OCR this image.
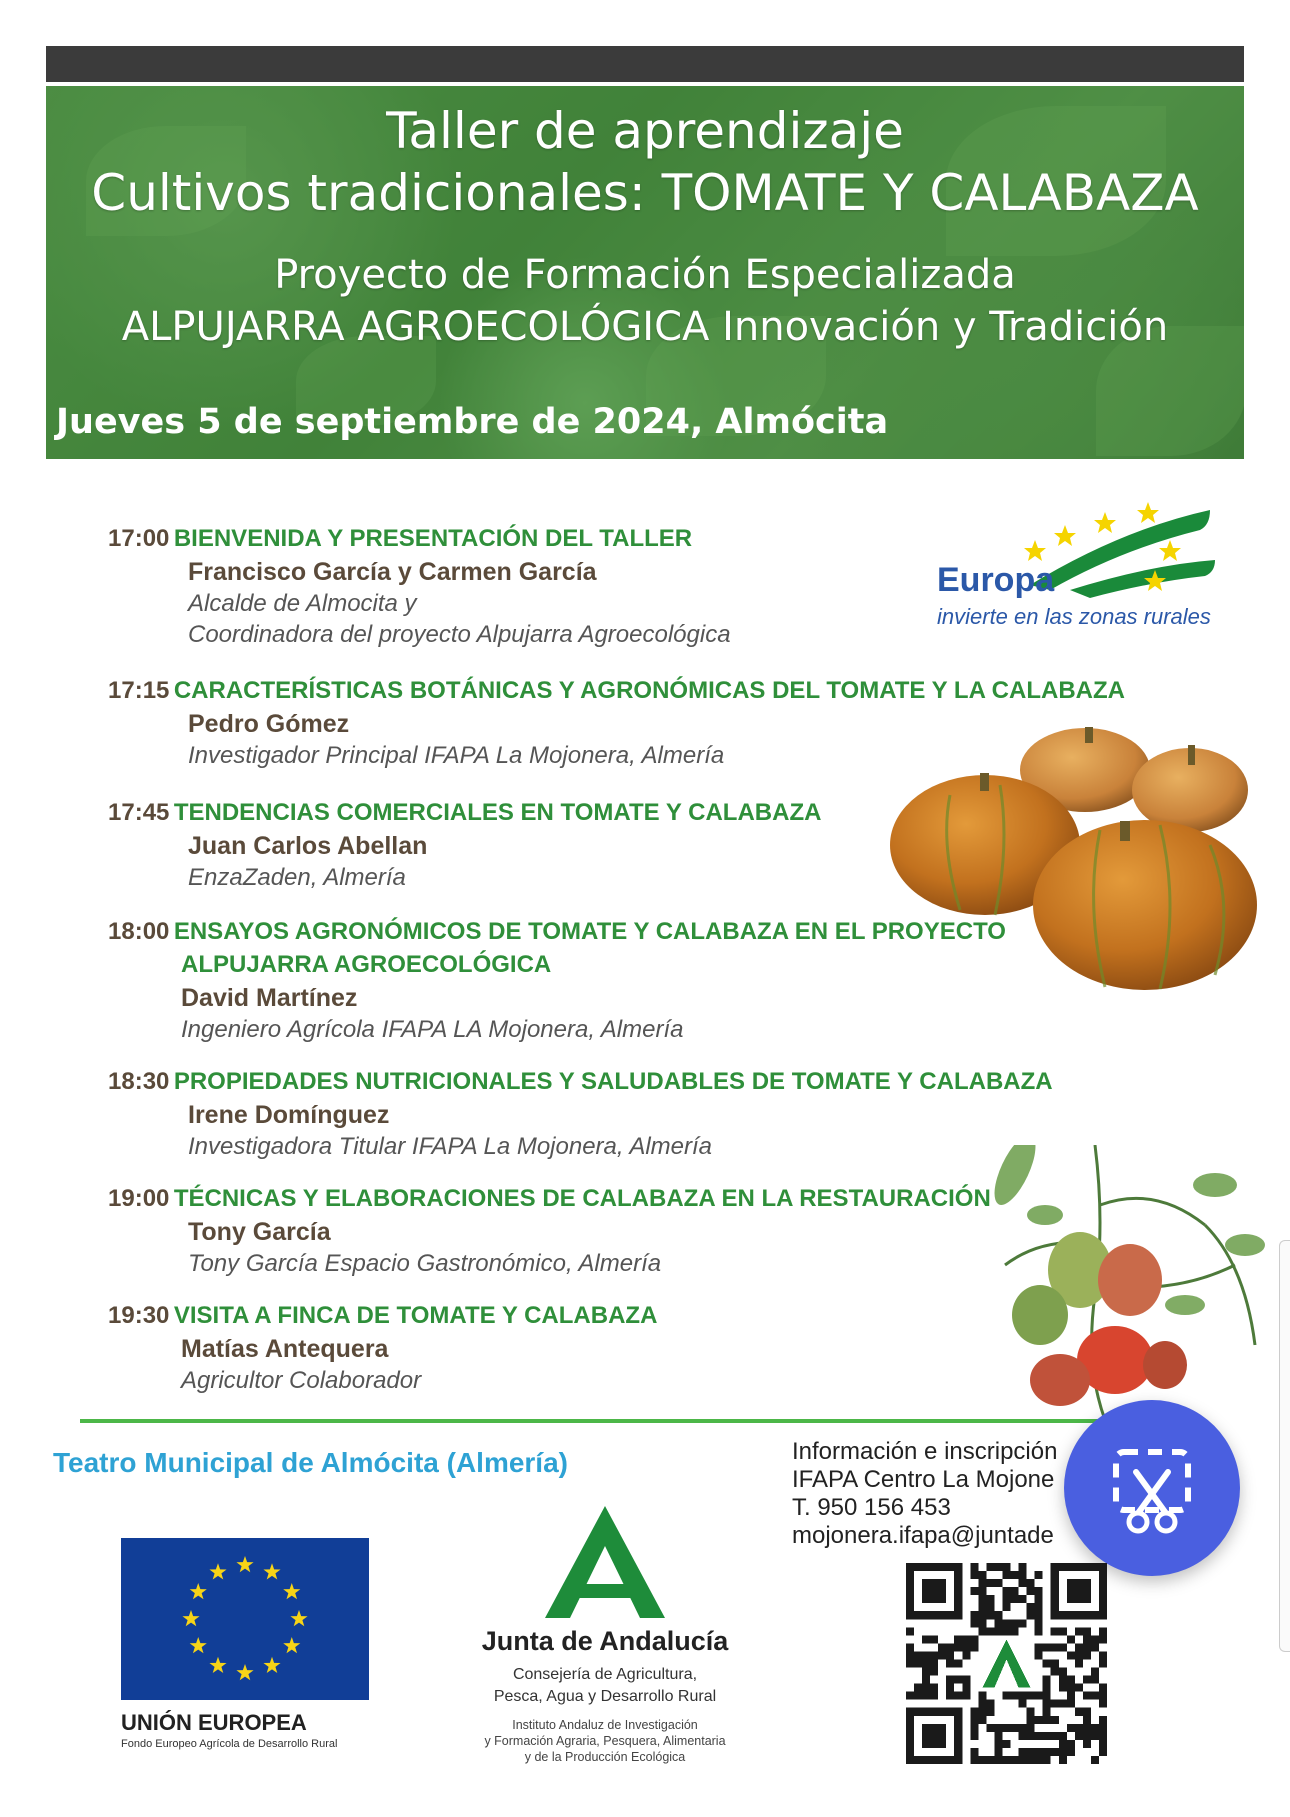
Taller de aprendizaje
Cultivos tradicionales: TOMATE Y CALABAZA
Proyecto de Formación Especializada
ALPUJARRA AGROECOLÓGICA Innovación y Tradición
Jueves 5 de septiembre de 2024, Almócita
Europa
invierte en las zonas rurales
17:00 BIENVENIDA Y PRESENTACIÓN DEL TALLER
Francisco García y Carmen García
Alcalde de Almocita y
Coordinadora del proyecto Alpujarra Agroecológica
17:15 CARACTERÍSTICAS BOTÁNICAS Y AGRONÓMICAS DEL TOMATE Y LA CALABAZA
Pedro Gómez
Investigador Principal IFAPA La Mojonera, Almería
17:45 TENDENCIAS COMERCIALES EN TOMATE Y CALABAZA
Juan Carlos Abellan
EnzaZaden, Almería
18:00 ENSAYOS AGRONÓMICOS DE TOMATE Y CALABAZA EN EL PROYECTO
ALPUJARRA AGROECOLÓGICA
David Martínez
Ingeniero Agrícola IFAPA LA Mojonera, Almería
18:30 PROPIEDADES NUTRICIONALES Y SALUDABLES DE TOMATE Y CALABAZA
Irene Domínguez
Investigadora Titular IFAPA La Mojonera, Almería
19:00 TÉCNICAS Y ELABORACIONES DE CALABAZA EN LA RESTAURACIÓN
Tony García
Tony García Espacio Gastronómico, Almería
19:30 VISITA A FINCA DE TOMATE Y CALABAZA
Matías Antequera
Agricultor Colaborador
Teatro Municipal de Almócita (Almería)	Información e inscripción
IFAPA Centro La Mojone
T. 950 156 453
mojonera.ifapa@juntade
UNIÓN EUROPEA
Fondo Europeo Agrícola de Desarrollo Rural
Junta de Andalucía
Consejería de Agricultura,
Pesca, Agua y Desarrollo Rural
Instituto Andaluz de Investigación
y Formación Agraria, Pesquera, Alimentaria
y de la Producción Ecológica
